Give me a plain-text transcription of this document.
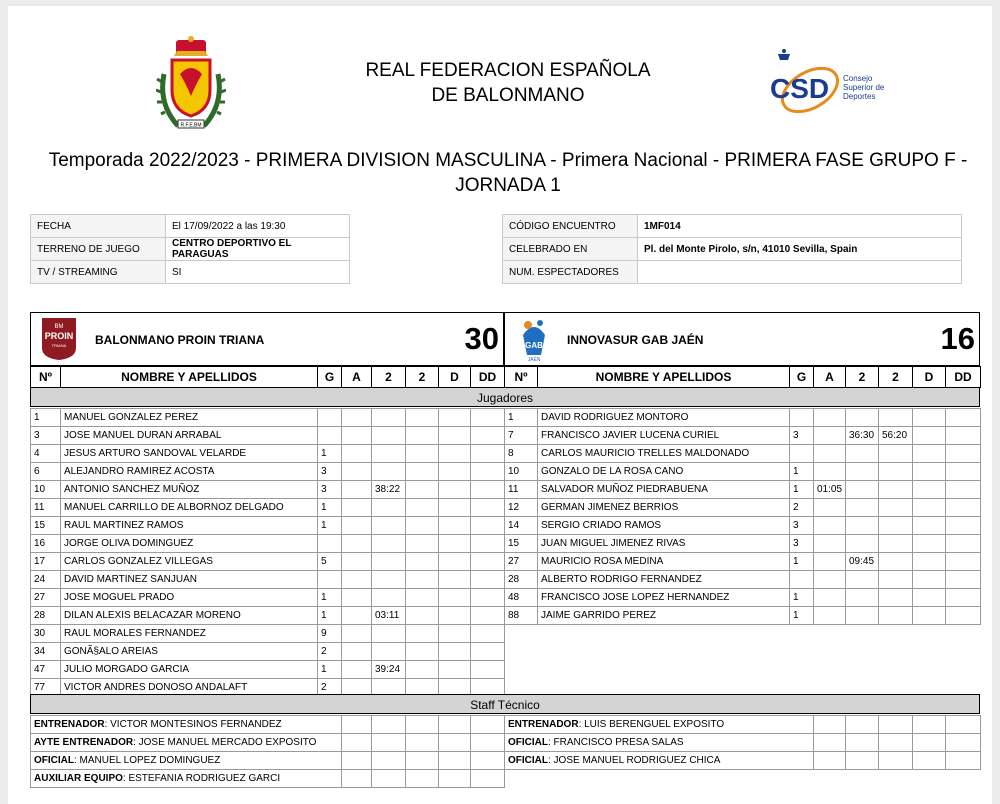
R.F.E.BM
REAL FEDERACION ESPAÑOLA
DE BALONMANO	CSD Consejo
Superior de
Deportes
Temporada 2022/2023 - PRIMERA DIVISION MASCULINA - Primera Nacional - PRIMERA FASE GRUPO F - JORNADA 1
FECHA	El 17/09/2022 a las 19:30
TERRENO DE JUEGO	CENTRO DEPORTIVO EL PARAGUAS
TV / STREAMING	SI
CÓDIGO ENCUENTRO	1MF014
CELEBRADO EN	Pl. del Monte Pirolo, s/n, 41010 Sevilla, Spain
NUM. ESPECTADORES	
BM
PROIN
TRIANA BALONMANO PROIN TRIANA	30	GAB
JAÉN
INNOVASUR GAB JAÉN	16
Nº	NOMBRE Y APELLIDOS	G	A	2	2	D	DD	Nº	NOMBRE Y APELLIDOS	G	A	2	2	D	DD
Jugadores
1	MANUEL GONZALEZ PEREZ						
3	JOSE MANUEL DURAN ARRABAL						
4	JESUS ARTURO SANDOVAL VELARDE	1					
6	ALEJANDRO RAMIREZ ACOSTA	3					
10	ANTONIO SANCHEZ MUÑOZ	3		38:22			
11	MANUEL CARRILLO DE ALBORNOZ DELGADO	1					
15	RAUL MARTINEZ RAMOS	1					
16	JORGE OLIVA DOMINGUEZ						
17	CARLOS GONZALEZ VILLEGAS	5					
24	DAVID MARTINEZ SANJUAN						
27	JOSE MOGUEL PRADO	1					
28	DILAN ALEXIS BELACAZAR MORENO	1		03:11			
30	RAUL MORALES FERNANDEZ	9					
34	GONÃ§ALO AREIAS	2					
47	JULIO MORGADO GARCIA	1		39:24			
77	VICTOR ANDRES DONOSO ANDALAFT	2					
1	DAVID RODRIGUEZ MONTORO						
7	FRANCISCO JAVIER LUCENA CURIEL	3		36:30	56:20		
8	CARLOS MAURICIO TRELLES MALDONADO						
10	GONZALO DE LA ROSA CANO	1					
11	SALVADOR MUÑOZ PIEDRABUENA	1	01:05				
12	GERMAN JIMENEZ BERRIOS	2					
14	SERGIO CRIADO RAMOS	3					
15	JUAN MIGUEL JIMENEZ RIVAS	3					
27	MAURICIO ROSA MEDINA	1		09:45			
28	ALBERTO RODRIGO FERNANDEZ						
48	FRANCISCO JOSE LOPEZ HERNANDEZ	1					
88	JAIME GARRIDO PEREZ	1					
Staff Técnico
ENTRENADOR: VICTOR MONTESINOS FERNANDEZ					
AYTE ENTRENADOR: JOSE MANUEL MERCADO EXPOSITO					
OFICIAL: MANUEL LOPEZ DOMINGUEZ					
AUXILIAR EQUIPO: ESTEFANIA RODRIGUEZ GARCI					
ENTRENADOR: LUIS BERENGUEL EXPOSITO					
OFICIAL: FRANCISCO PRESA SALAS					
OFICIAL: JOSE MANUEL RODRIGUEZ CHICA					
